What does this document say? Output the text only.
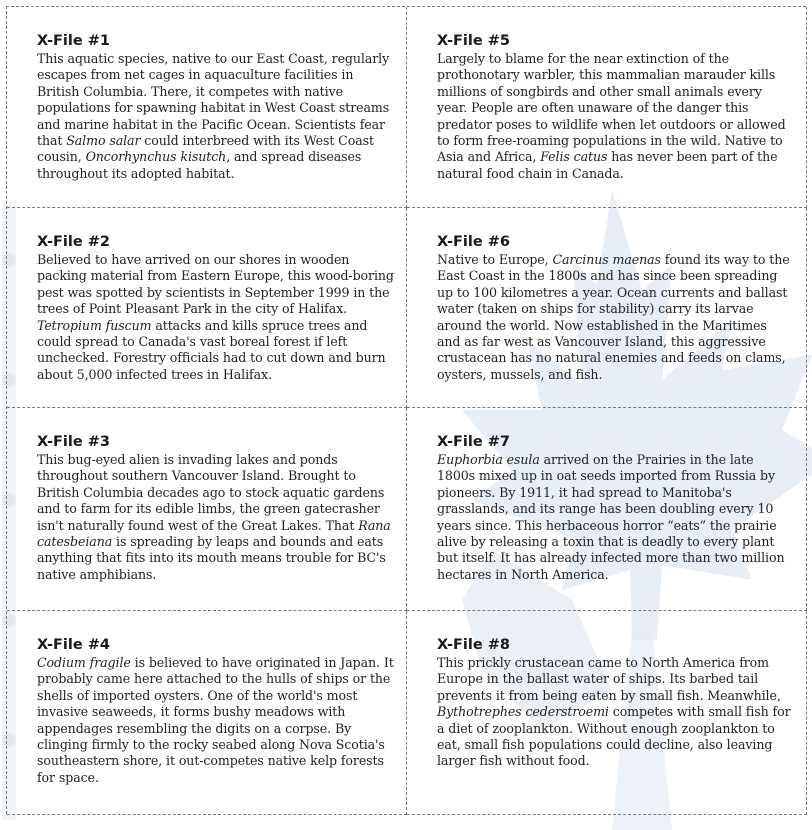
X-File #1

This aquatic species, native to our East Coast, regularly escapes from net cages in aquaculture facilities in British Columbia. There, it competes with native populations for spawning habitat in West Coast streams and marine habitat in the Pacific Ocean. Scientists fear that Salmo salar could interbreed with its West Coast cousin, Oncorhynchus kisutch, and spread diseases throughout its adopted habitat.

X-File #5

Largely to blame for the near extinction of the prothonotary warbler, this mammalian marauder kills millions of songbirds and other small animals every year. People are often unaware of the danger this predator poses to wildlife when let outdoors or allowed to form free-roaming populations in the wild. Native to Asia and Africa, Felis catus has never been part of the natural food chain in Canada.

X-File #2

Believed to have arrived on our shores in wooden packing material from Eastern Europe, this wood-boring pest was spotted by scientists in September 1999 in the trees of Point Pleasant Park in the city of Halifax. Tetropium fuscum attacks and kills spruce trees and could spread to Canada's vast boreal forest if left unchecked. Forestry officials had to cut down and burn about 5,000 infected trees in Halifax.

X-File #6

Native to Europe, Carcinus maenas found its way to the East Coast in the 1800s and has since been spreading up to 100 kilometres a year. Ocean currents and ballast water (taken on ships for stability) carry its larvae around the world. Now established in the Maritimes and as far west as Vancouver Island, this aggressive crustacean has no natural enemies and feeds on clams, oysters, mussels, and fish.

X-File #3

This bug-eyed alien is invading lakes and ponds throughout southern Vancouver Island. Brought to British Columbia decades ago to stock aquatic gardens and to farm for its edible limbs, the green gatecrasher isn't naturally found west of the Great Lakes. That Rana catesbeiana is spreading by leaps and bounds and eats anything that fits into its mouth means trouble for BC's native amphibians.

X-File #7

Euphorbia esula arrived on the Prairies in the late 1800s mixed up in oat seeds imported from Russia by pioneers. By 1911, it had spread to Manitoba's grasslands, and its range has been doubling every 10 years since. This herbaceous horror “eats” the prairie alive by releasing a toxin that is deadly to every plant but itself. It has already infected more than two million hectares in North America.

X-File #4

Codium fragile is believed to have originated in Japan. It probably came here attached to the hulls of ships or the shells of imported oysters. One of the world's most invasive seaweeds, it forms bushy meadows with appendages resembling the digits on a corpse. By clinging firmly to the rocky seabed along Nova Scotia's southeastern shore, it out-competes native kelp forests for space.

X-File #8

This prickly crustacean came to North America from Europe in the ballast water of ships. Its barbed tail prevents it from being eaten by small fish. Meanwhile, Bythotrephes cederstroemi competes with small fish for a diet of zooplankton. Without enough zooplankton to eat, small fish populations could decline, also leaving larger fish without food.
